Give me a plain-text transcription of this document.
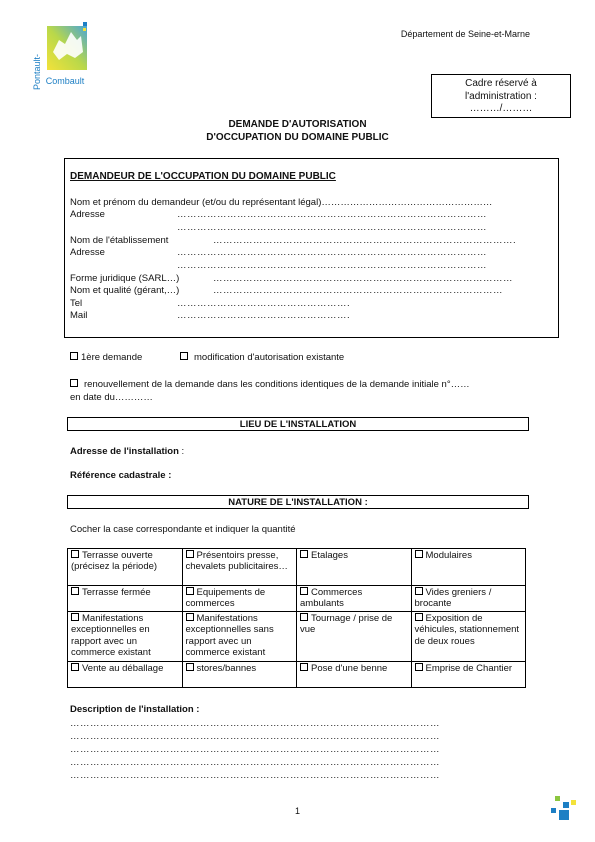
Pontault- Combault
Département de Seine-et-Marne
Cadre réservé à
l'administration :
………/………
DEMANDE D'AUTORISATION
D'OCCUPATION DU DOMAINE PUBLIC
DEMANDEUR DE L'OCCUPATION DU DOMAINE PUBLIC
Nom et prénom du demandeur (et/ou du représentant légal)………………………………………………
Adresse	…………………………………………………………………………………
…………………………………………………………………………………
Nom de l'établissement	……………………………………………………………………………….
Adresse	…………………………………………………………………………………
…………………………………………………………………………………
Forme juridique (SARL…)	………………………………………………………………………………
Nom et qualité (gérant,…)	……………………………………………………………………………
Tel	…………………………………………….
Mail	…………………………………………….
1ère demande	modification d'autorisation existante
renouvellement de la demande dans les conditions identiques de la demande initiale n°……
en date du…………
LIEU DE L'INSTALLATION
Adresse de l'installation :
Référence cadastrale :
NATURE DE L'INSTALLATION :
Cocher la case correspondante et indiquer la quantité
Terrasse ouverte (précisez la période)	Présentoirs presse, chevalets publicitaires…	Etalages	Modulaires
Terrasse fermée	Equipements de commerces	Commerces ambulants	Vides greniers / brocante
Manifestations exceptionnelles en rapport avec un commerce existant	Manifestations exceptionnelles sans rapport avec un commerce existant	Tournage / prise de vue	Exposition de véhicules, stationnement de deux roues
Vente au déballage	stores/bannes	Pose d'une benne	Emprise de Chantier
Description de l'installation :
…………………………………………………………………………………………………
…………………………………………………………………………………………………
…………………………………………………………………………………………………
…………………………………………………………………………………………………
…………………………………………………………………………………………………
1
